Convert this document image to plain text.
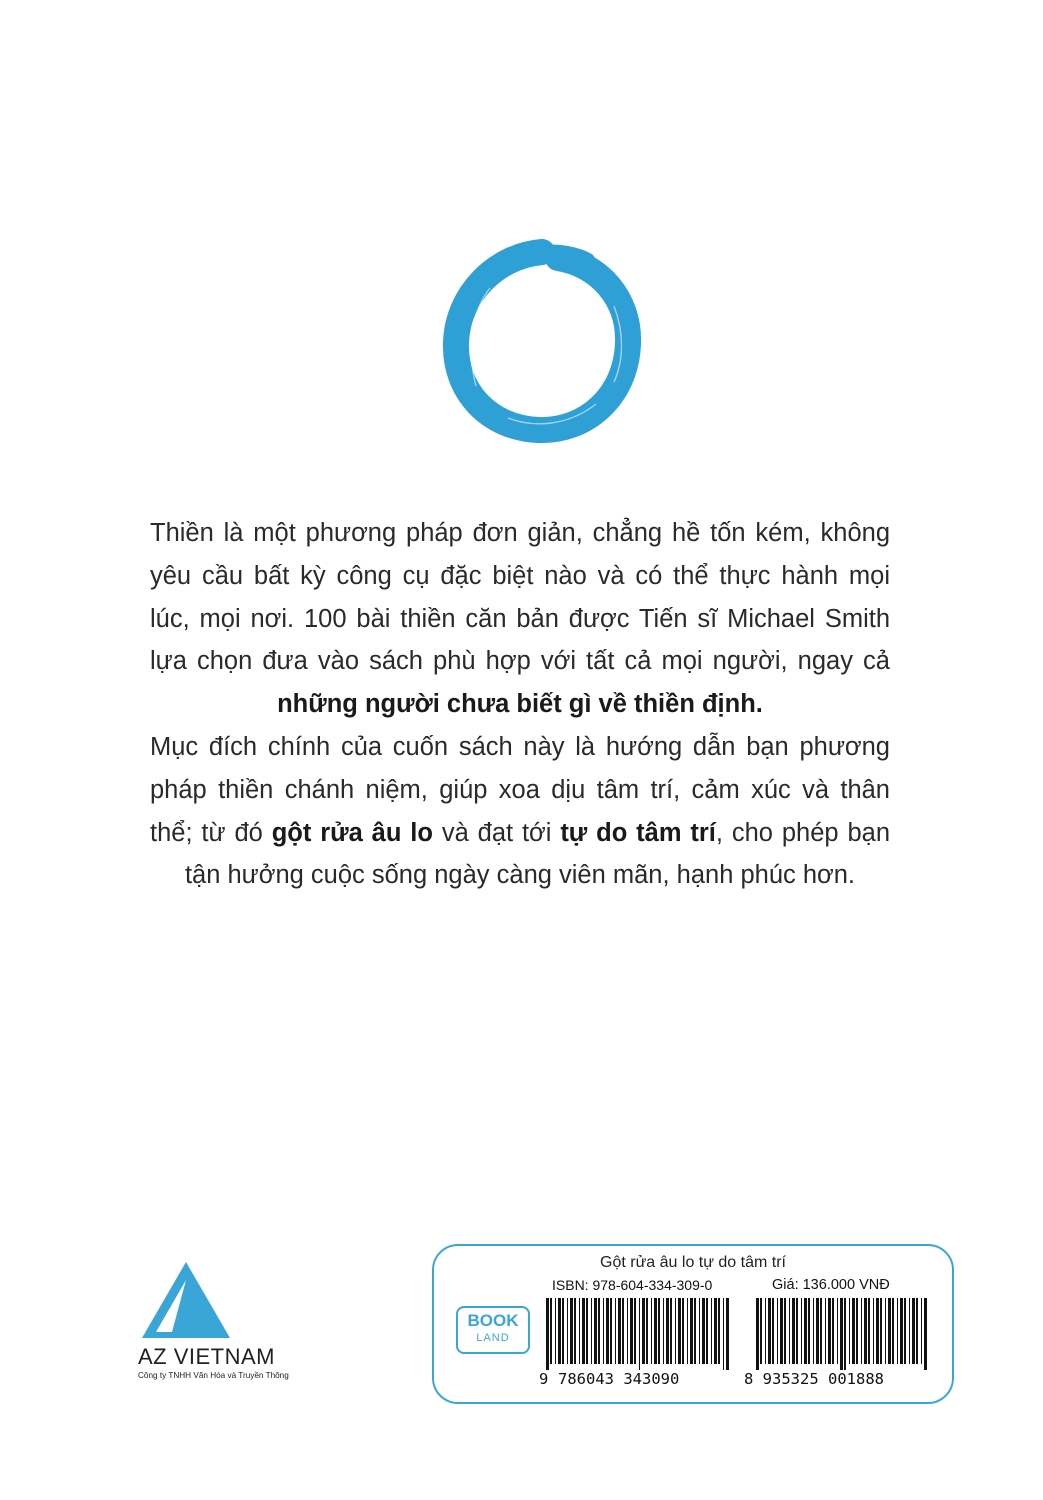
Thiền là một phương pháp đơn giản, chẳng hề tốn kém, không

yêu cầu bất kỳ công cụ đặc biệt nào và có thể thực hành mọi

lúc, mọi nơi. 100 bài thiền căn bản được Tiến sĩ Michael Smith

lựa chọn đưa vào sách phù hợp với tất cả mọi người, ngay cả

những người chưa biết gì về thiền định.

Mục đích chính của cuốn sách này là hướng dẫn bạn phương

pháp thiền chánh niệm, giúp xoa dịu tâm trí, cảm xúc và thân

thể; từ đó gột rửa âu lo và đạt tới tự do tâm trí, cho phép bạn

tận hưởng cuộc sống ngày càng viên mãn, hạnh phúc hơn.

AZ VIETNAM
Công ty TNHH Văn Hóa và Truyền Thông
Gột rửa âu lo tự do tâm trí
ISBN: 978-604-334-309-0	Giá: 136.000 VNĐ
BOOK
LAND
9 786043 343090	8 935325 001888
